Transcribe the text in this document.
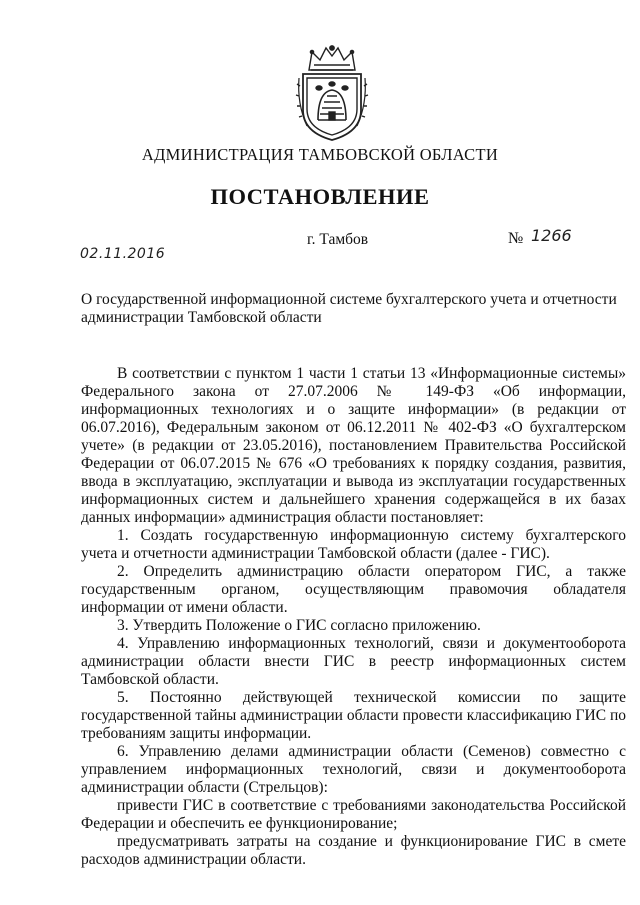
АДМИНИСТРАЦИЯ ТАМБОВСКОЙ ОБЛАСТИ
ПОСТАНОВЛЕНИЕ
02.11.2016
г. Тамбов	№ 1266
О государственной информационной системе бухгалтерского учета и отчетности администрации Тамбовской области

В соответствии с пунктом 1 части 1 статьи 13 «Информационные системы» Федерального закона от 27.07.2006 № 149-ФЗ «Об информации, информационных технологиях и о защите информации» (в редакции от 06.07.2016), Федеральным законом от 06.12.2011 № 402-ФЗ «О бухгалтерском учете» (в редакции от 23.05.2016), постановлением Правительства Российской Федерации от 06.07.2015 № 676 «О требованиях к порядку создания, развития, ввода в эксплуатацию, эксплуатации и вывода из эксплуатации государственных информационных систем и дальнейшего хранения содержащейся в их базах данных информации» администрация области постановляет:

1. Создать государственную информационную систему бухгалтерского учета и отчетности администрации Тамбовской области (далее - ГИС).

2. Определить администрацию области оператором ГИС, а также государственным органом, осуществляющим правомочия обладателя информации от имени области.

3. Утвердить Положение о ГИС согласно приложению.

4. Управлению информационных технологий, связи и документооборота администрации области внести ГИС в реестр информационных систем Тамбовской области.

5. Постоянно действующей технической комиссии по защите государственной тайны администрации области провести классификацию ГИС по требованиям защиты информации.

6. Управлению делами администрации области (Семенов) совместно с управлением информационных технологий, связи и документооборота администрации области (Стрельцов):

привести ГИС в соответствие с требованиями законодательства Российской Федерации и обеспечить ее функционирование;

предусматривать затраты на создание и функционирование ГИС в смете расходов администрации области.
